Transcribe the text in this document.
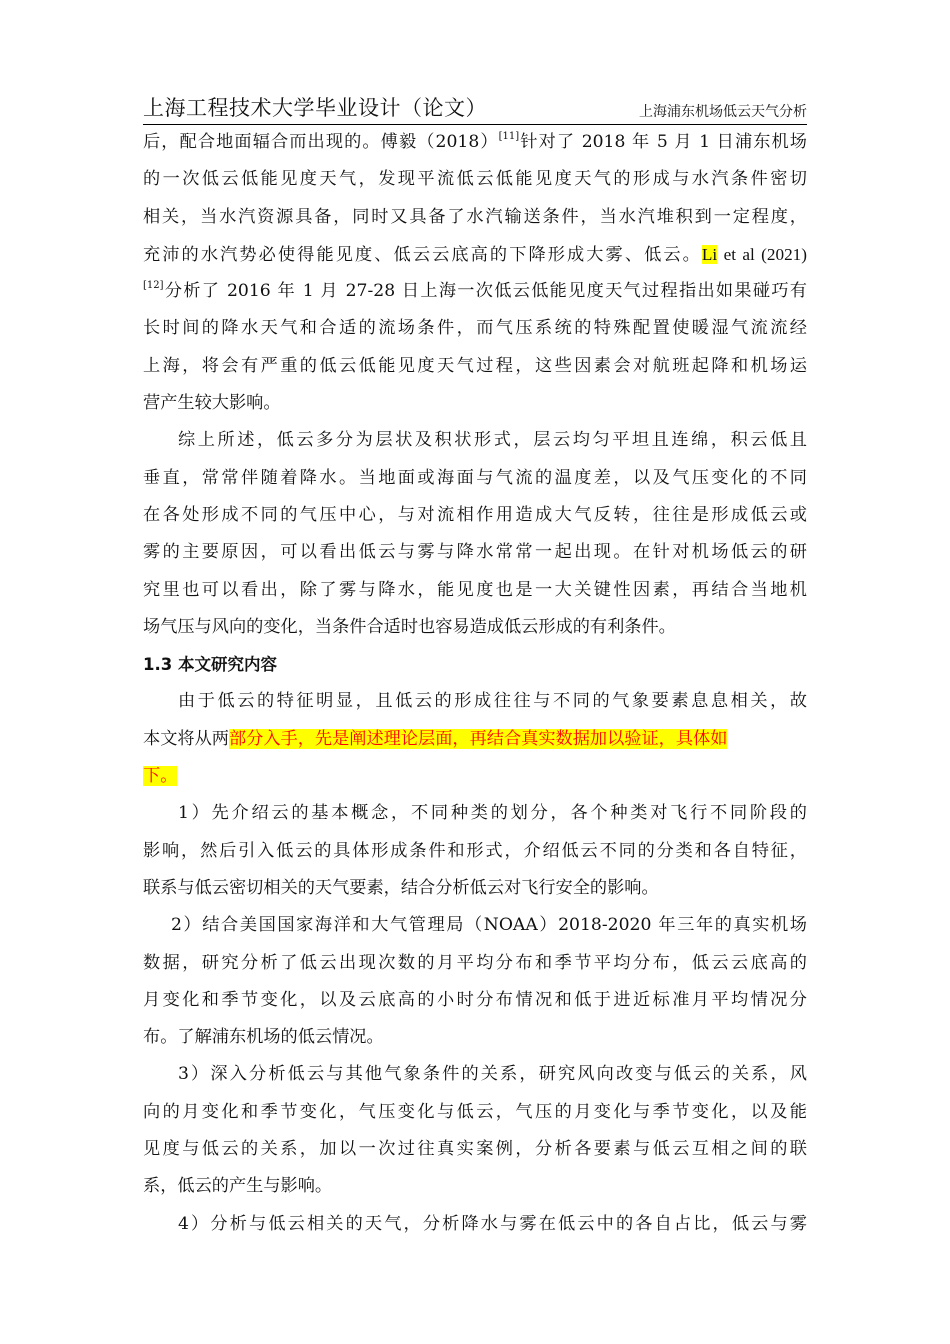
上海工程技术大学毕业设计（论文）	上海浦东机场低云天气分析
后，配合地面辐合而出现的。傅毅（2018）[11]针对了 2018 年 5 月 1 日浦东机场
的一次低云低能见度天气，发现平流低云低能见度天气的形成与水汽条件密切
相关，当水汽资源具备，同时又具备了水汽输送条件，当水汽堆积到一定程度，
充沛的水汽势必使得能见度、低云云底高的下降形成大雾、低云。Li et al (2021)
[12]分析了 2016 年 1 月 27-28 日上海一次低云低能见度天气过程指出如果碰巧有
长时间的降水天气和合适的流场条件，而气压系统的特殊配置使暖湿气流流经
上海，将会有严重的低云低能见度天气过程，这些因素会对航班起降和机场运
营产生较大影响。
综上所述，低云多分为层状及积状形式，层云均匀平坦且连绵，积云低且
垂直，常常伴随着降水。当地面或海面与气流的温度差，以及气压变化的不同
在各处形成不同的气压中心，与对流相作用造成大气反转，往往是形成低云或
雾的主要原因，可以看出低云与雾与降水常常一起出现。在针对机场低云的研
究里也可以看出，除了雾与降水，能见度也是一大关键性因素，再结合当地机
场气压与风向的变化，当条件合适时也容易造成低云形成的有利条件。
1.3 本文研究内容
由于低云的特征明显，且低云的形成往往与不同的气象要素息息相关，故
本文将从两部分入手，先是阐述理论层面，再结合真实数据加以验证，具体如
下。
1）先介绍云的基本概念，不同种类的划分，各个种类对飞行不同阶段的
影响，然后引入低云的具体形成条件和形式，介绍低云不同的分类和各自特征，
联系与低云密切相关的天气要素，结合分析低云对飞行安全的影响。
2）结合美国国家海洋和大气管理局（NOAA）2018-2020 年三年的真实机场
数据，研究分析了低云出现次数的月平均分布和季节平均分布，低云云底高的
月变化和季节变化，以及云底高的小时分布情况和低于进近标准月平均情况分
布。了解浦东机场的低云情况。
3）深入分析低云与其他气象条件的关系，研究风向改变与低云的关系，风
向的月变化和季节变化，气压变化与低云，气压的月变化与季节变化，以及能
见度与低云的关系，加以一次过往真实案例，分析各要素与低云互相之间的联
系，低云的产生与影响。
4）分析与低云相关的天气，分析降水与雾在低云中的各自占比，低云与雾
